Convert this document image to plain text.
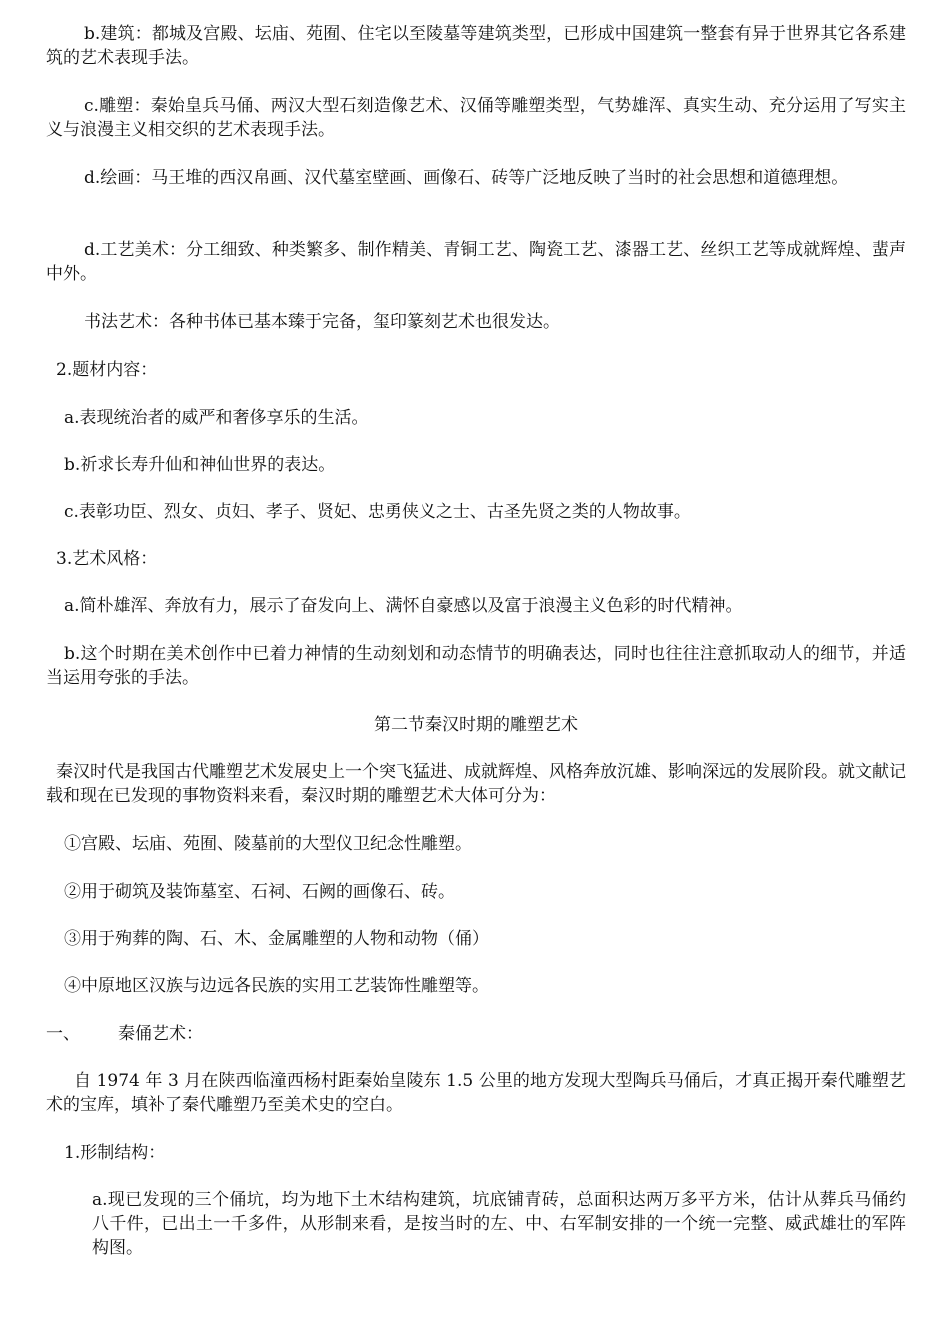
b.建筑：都城及宫殿、坛庙、苑囿、住宅以至陵墓等建筑类型，已形成中国建筑一整套有异于世界其它各系建筑的艺术表现手法。

c.雕塑：秦始皇兵马俑、两汉大型石刻造像艺术、汉俑等雕塑类型，气势雄浑、真实生动、充分运用了写实主义与浪漫主义相交织的艺术表现手法。

d.绘画：马王堆的西汉帛画、汉代墓室壁画、画像石、砖等广泛地反映了当时的社会思想和道德理想。

d.工艺美术：分工细致、种类繁多、制作精美、青铜工艺、陶瓷工艺、漆器工艺、丝织工艺等成就辉煌、蜚声中外。

书法艺术：各种书体已基本臻于完备，玺印篆刻艺术也很发达。

2.题材内容：

a.表现统治者的威严和奢侈享乐的生活。

b.祈求长寿升仙和神仙世界的表达。

c.表彰功臣、烈女、贞妇、孝子、贤妃、忠勇侠义之士、古圣先贤之类的人物故事。

3.艺术风格：

a.简朴雄浑、奔放有力，展示了奋发向上、满怀自豪感以及富于浪漫主义色彩的时代精神。

b.这个时期在美术创作中已着力神情的生动刻划和动态情节的明确表达，同时也往往注意抓取动人的细节，并适当运用夸张的手法。

第二节秦汉时期的雕塑艺术

秦汉时代是我国古代雕塑艺术发展史上一个突飞猛进、成就辉煌、风格奔放沉雄、影响深远的发展阶段。就文献记载和现在已发现的事物资料来看，秦汉时期的雕塑艺术大体可分为：

①宫殿、坛庙、苑囿、陵墓前的大型仪卫纪念性雕塑。

②用于砌筑及装饰墓室、石祠、石阙的画像石、砖。

③用于殉葬的陶、石、木、金属雕塑的人物和动物（俑）

④中原地区汉族与边远各民族的实用工艺装饰性雕塑等。

一、 秦俑艺术：

自 1974 年 3 月在陕西临潼西杨村距秦始皇陵东 1.5 公里的地方发现大型陶兵马俑后，才真正揭开秦代雕塑艺术的宝库，填补了秦代雕塑乃至美术史的空白。

1.形制结构：

a.现已发现的三个俑坑，均为地下土木结构建筑，坑底铺青砖，总面积达两万多平方米，估计从葬兵马俑约八千件，已出土一千多件，从形制来看，是按当时的左、中、右军制安排的一个统一完整、威武雄壮的军阵构图。
